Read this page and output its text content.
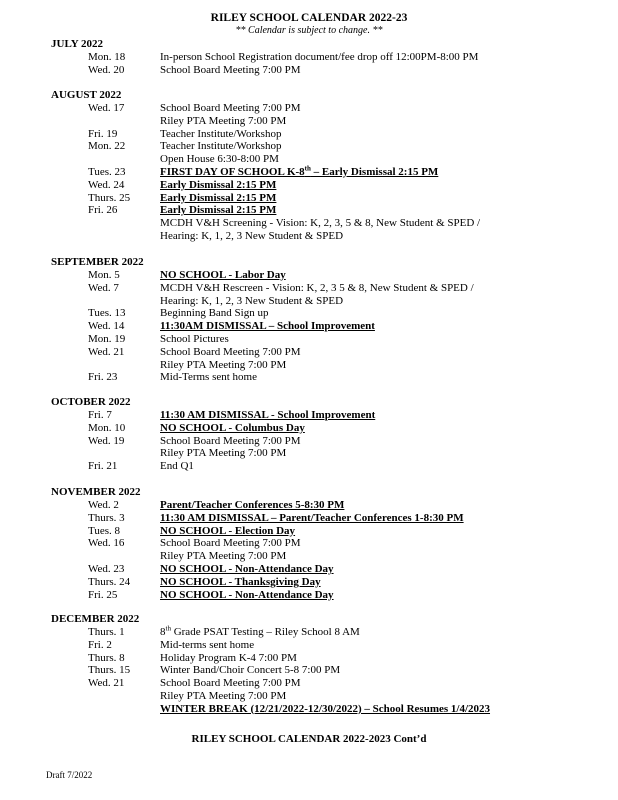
RILEY SCHOOL CALENDAR 2022-23
** Calendar is subject to change. **
JULY 2022
Mon. 18	In-person School Registration document/fee drop off 12:00PM-8:00 PM
Wed. 20	School Board Meeting 7:00 PM
AUGUST 2022
Wed. 17	School Board Meeting 7:00 PM
Riley PTA Meeting 7:00 PM
Fri. 19	Teacher Institute/Workshop
Mon. 22	Teacher Institute/Workshop
Open House 6:30-8:00 PM
Tues. 23	FIRST DAY OF SCHOOL K-8th – Early Dismissal 2:15 PM
Wed. 24	Early Dismissal 2:15 PM
Thurs. 25	Early Dismissal 2:15 PM
Fri. 26	Early Dismissal 2:15 PM
MCDH V&H Screening - Vision: K, 2, 3, 5 & 8, New Student & SPED /
Hearing: K, 1, 2, 3 New Student & SPED
SEPTEMBER 2022
Mon. 5	NO SCHOOL - Labor Day
Wed. 7	MCDH V&H Rescreen - Vision: K, 2, 3 5 & 8, New Student & SPED /
Hearing: K, 1, 2, 3 New Student & SPED
Tues. 13	Beginning Band Sign up
Wed. 14	11:30AM DISMISSAL – School Improvement
Mon. 19	School Pictures
Wed. 21	School Board Meeting 7:00 PM
Riley PTA Meeting 7:00 PM
Fri. 23	Mid-Terms sent home
OCTOBER 2022
Fri. 7	11:30 AM DISMISSAL - School Improvement
Mon. 10	NO SCHOOL - Columbus Day
Wed. 19	School Board Meeting 7:00 PM
Riley PTA Meeting 7:00 PM
Fri. 21	End Q1
NOVEMBER 2022
Wed. 2	Parent/Teacher Conferences 5-8:30 PM
Thurs. 3	11:30 AM DISMISSAL – Parent/Teacher Conferences 1-8:30 PM
Tues. 8	NO SCHOOL - Election Day
Wed. 16	School Board Meeting 7:00 PM
Riley PTA Meeting 7:00 PM
Wed. 23	NO SCHOOL - Non-Attendance Day
Thurs. 24	NO SCHOOL - Thanksgiving Day
Fri. 25	NO SCHOOL - Non-Attendance Day
DECEMBER 2022
Thurs. 1	8th Grade PSAT Testing – Riley School 8 AM
Fri. 2	Mid-terms sent home
Thurs. 8	Holiday Program K-4 7:00 PM
Thurs. 15	Winter Band/Choir Concert 5-8 7:00 PM
Wed. 21	School Board Meeting 7:00 PM
Riley PTA Meeting 7:00 PM
WINTER BREAK (12/21/2022-12/30/2022) – School Resumes 1/4/2023
RILEY SCHOOL CALENDAR 2022-2023 Cont’d
Draft 7/2022
